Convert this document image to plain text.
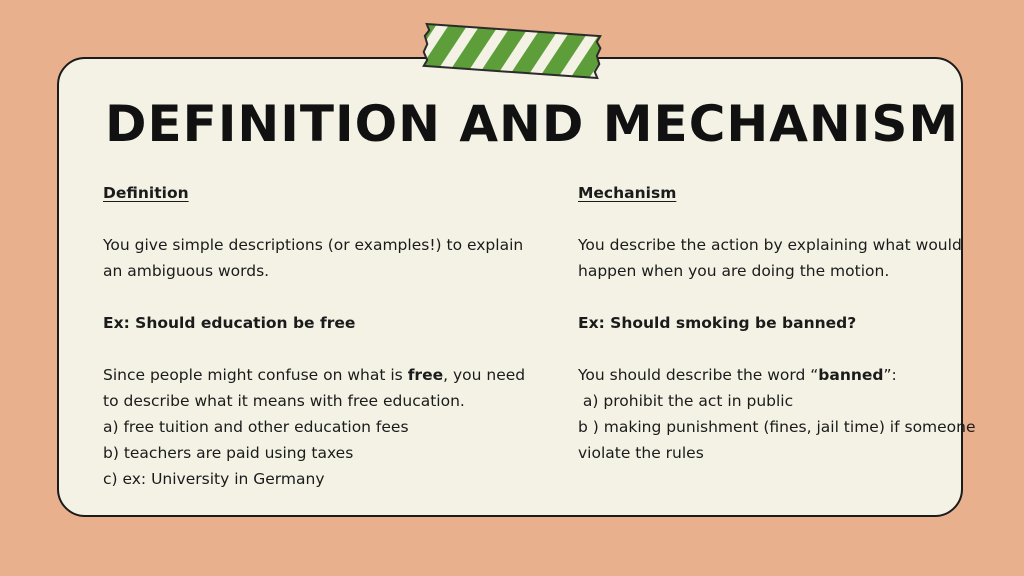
DEFINITION AND MECHANISM

Definition

You give simple descriptions (or examples!) to explain an ambiguous words.

Ex: Should education be free

Since people might confuse on what is free, you need to describe what it means with free education.
a) free tuition and other education fees
b) teachers are paid using taxes
c) ex: University in Germany

Mechanism

You describe the action by explaining what would happen when you are doing the motion.

Ex: Should smoking be banned?

You should describe the word “banned”:
a) prohibit the act in public
b ) making punishment (fines, jail time) if someone violate the rules
